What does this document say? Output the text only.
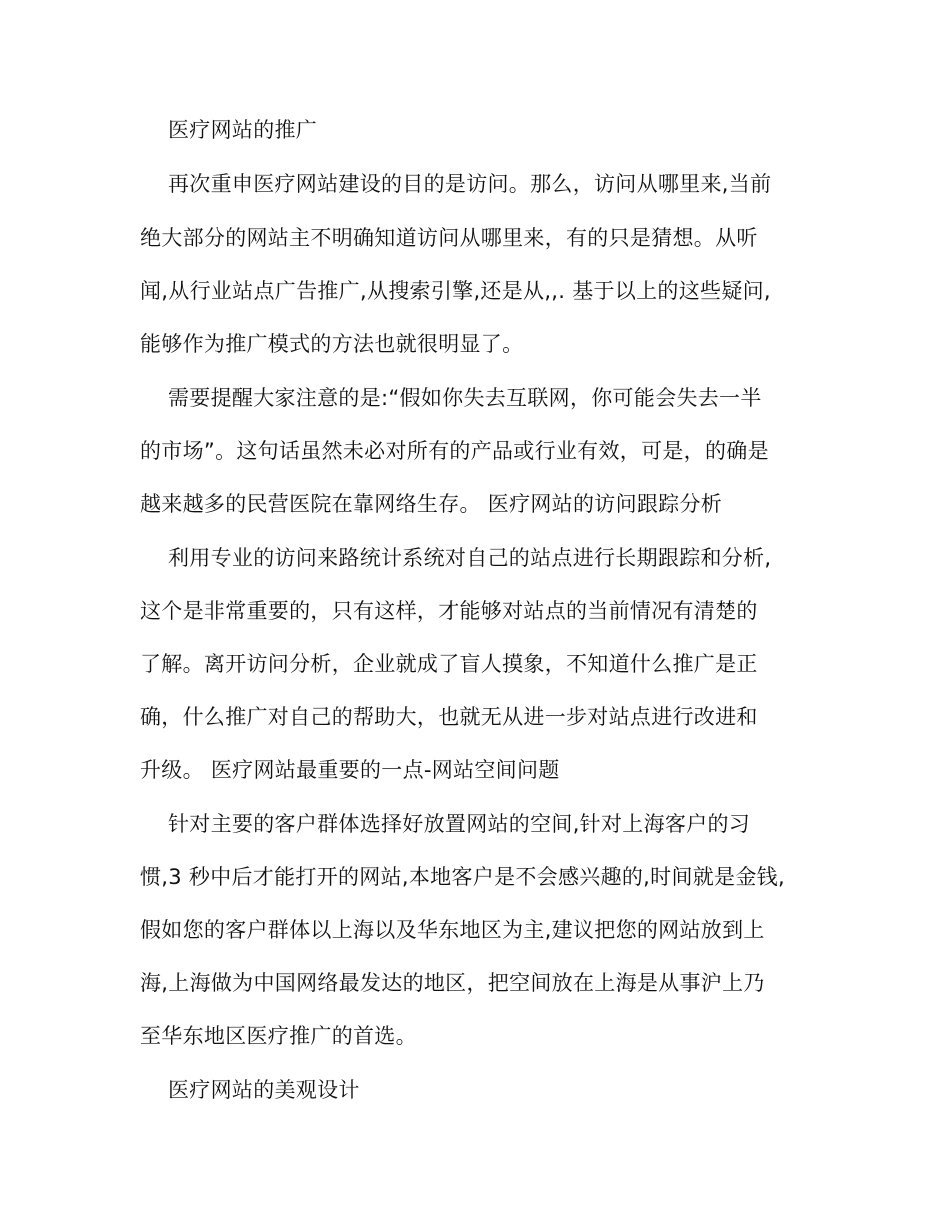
医疗网站的推广
再次重申医疗网站建设的目的是访问。那么，访问从哪里来,当前
绝大部分的网站主不明确知道访问从哪里来，有的只是猜想。从听
闻,从行业站点广告推广,从搜索引擎,还是从,,. 基于以上的这些疑问,
能够作为推广模式的方法也就很明显了。
需要提醒大家注意的是:“假如你失去互联网，你可能会失去一半
的市场”。这句话虽然未必对所有的产品或行业有效，可是，的确是
越来越多的民营医院在靠网络生存。 医疗网站的访问跟踪分析
利用专业的访问来路统计系统对自己的站点进行长期跟踪和分析,
这个是非常重要的，只有这样，才能够对站点的当前情况有清楚的
了解。离开访问分析，企业就成了盲人摸象，不知道什么推广是正
确，什么推广对自己的帮助大，也就无从进一步对站点进行改进和
升级。 医疗网站最重要的一点-网站空间问题
针对主要的客户群体选择好放置网站的空间,针对上海客户的习
惯,3 秒中后才能打开的网站,本地客户是不会感兴趣的,时间就是金钱,
假如您的客户群体以上海以及华东地区为主,建议把您的网站放到上
海,上海做为中国网络最发达的地区，把空间放在上海是从事沪上乃
至华东地区医疗推广的首选。
医疗网站的美观设计
